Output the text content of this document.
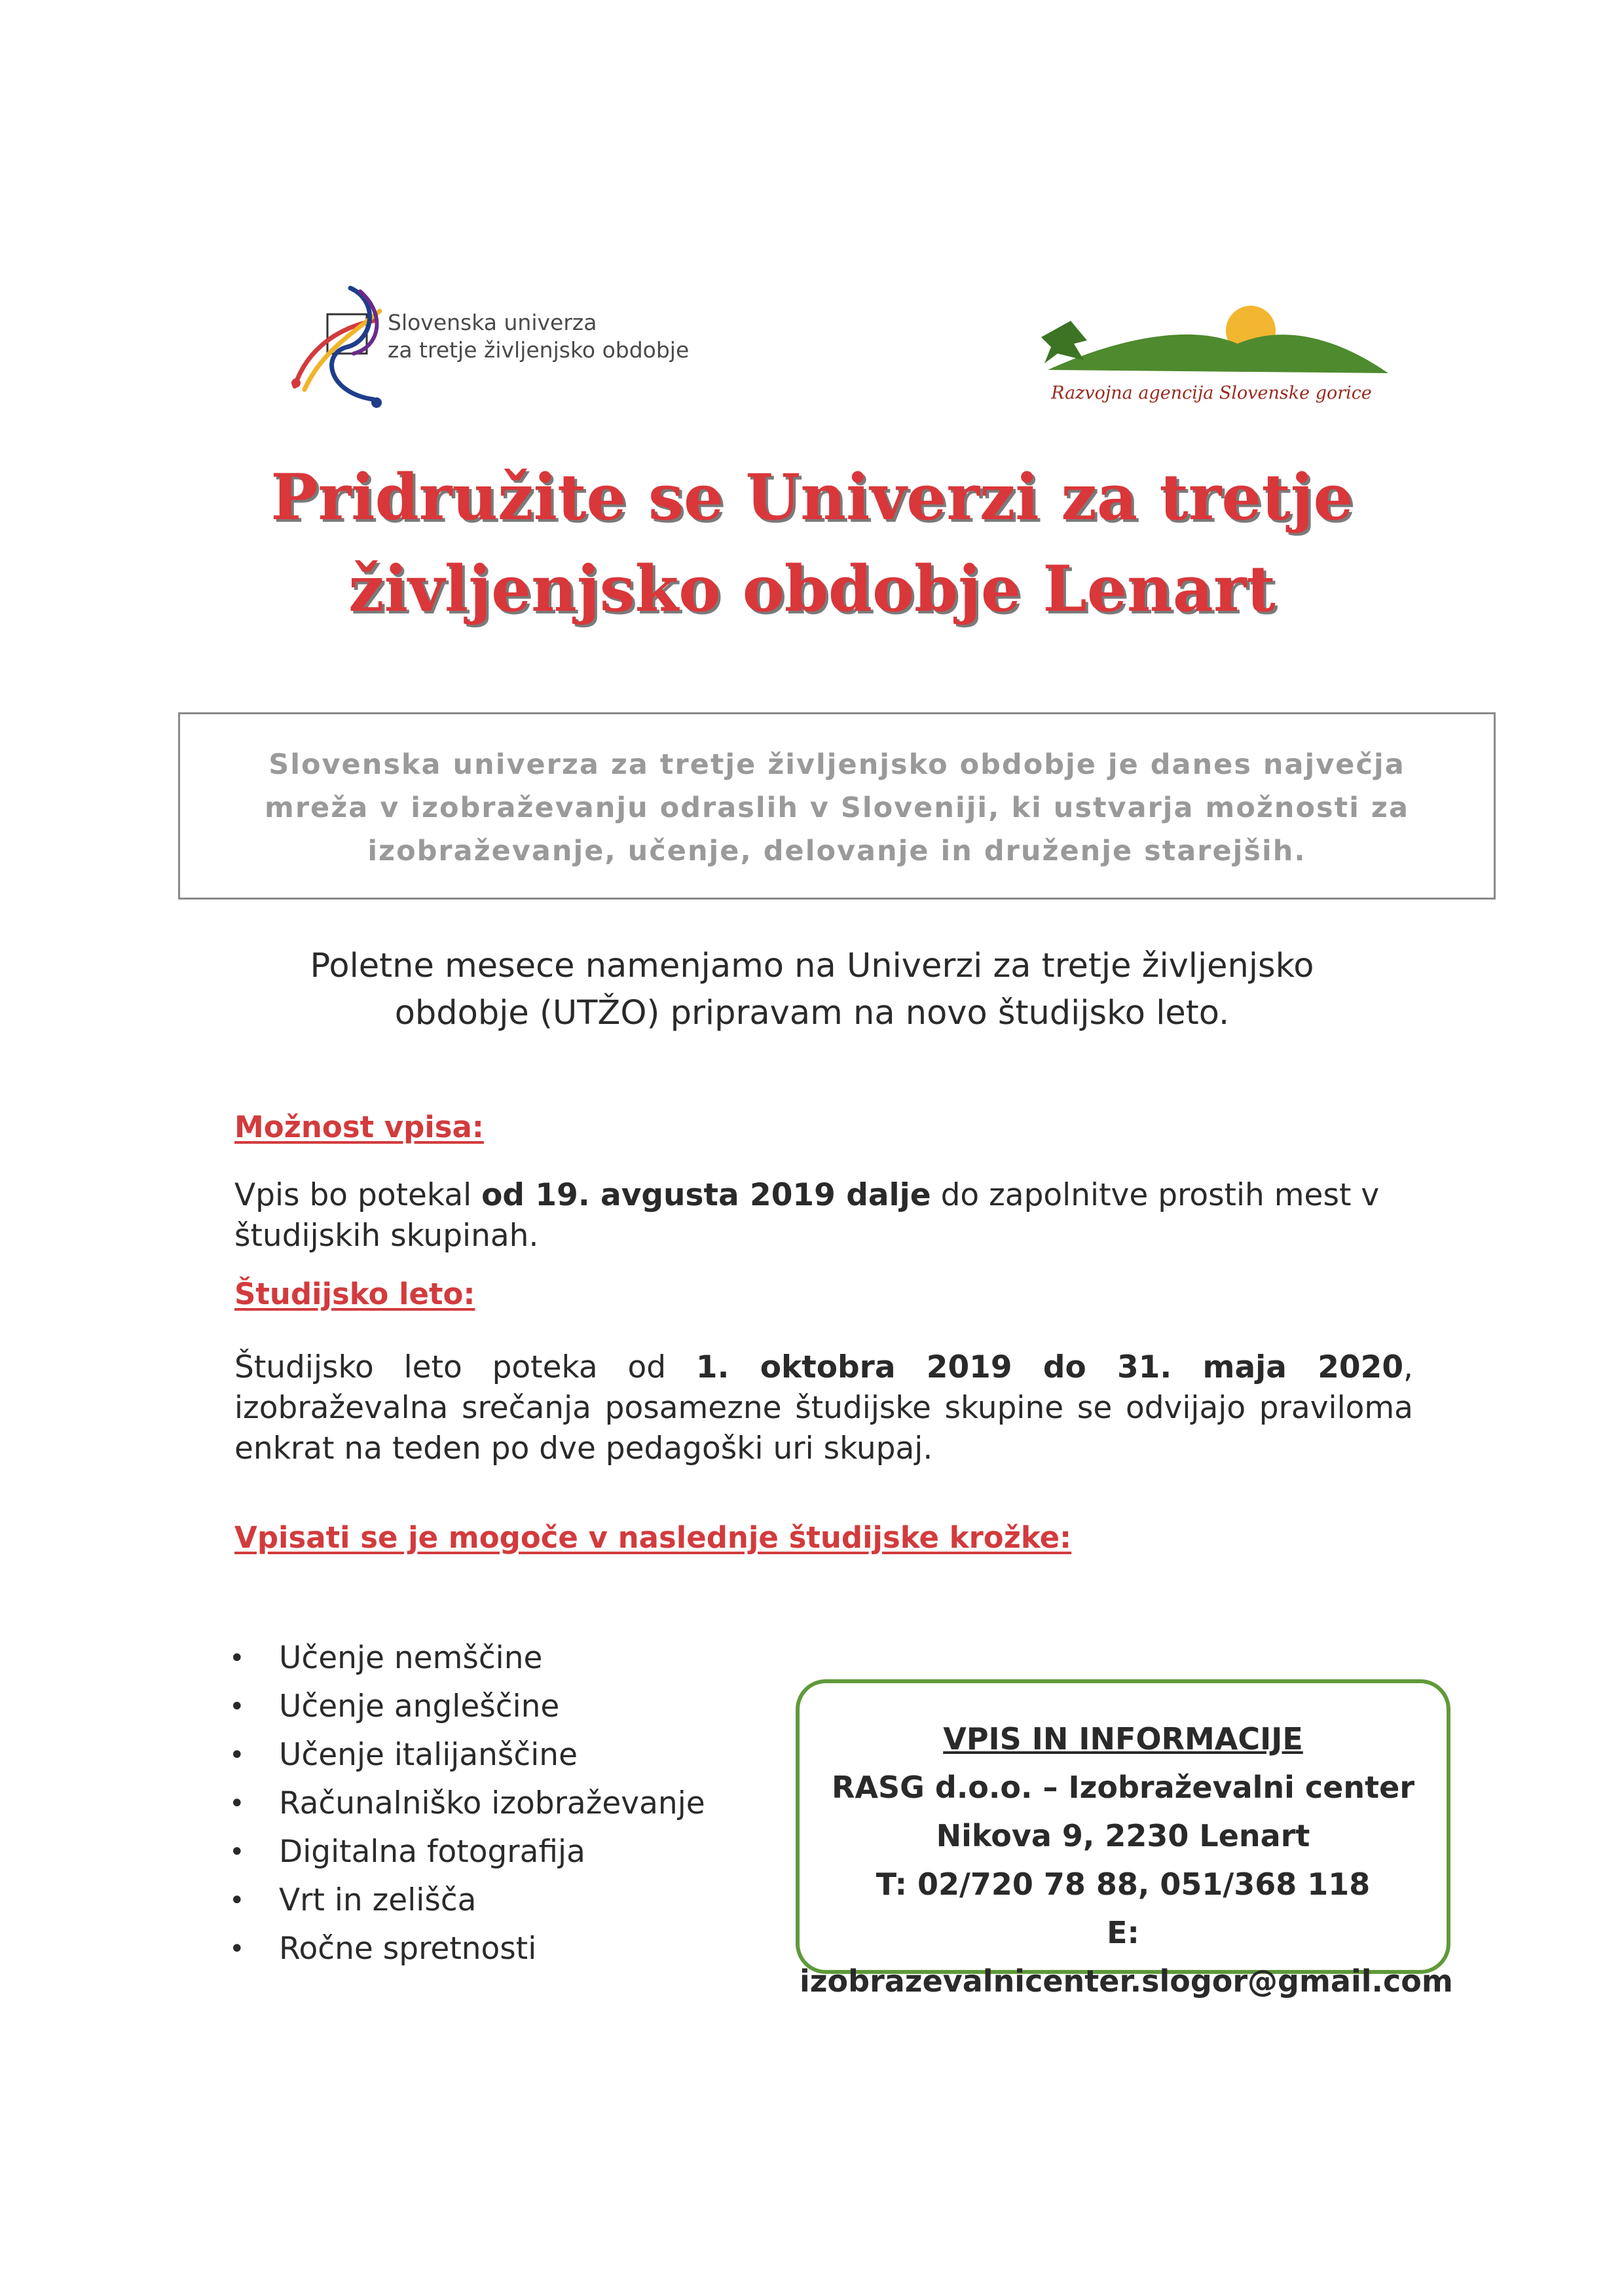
Slovenska univerza
za tretje življenjsko obdobje
Razvojna agencija Slovenske gorice
Pridružite se Univerzi za tretje
življenjsko obdobje Lenart
Slovenska univerza za tretje življenjsko obdobje je danes največja
mreža v izobraževanju odraslih v Sloveniji, ki ustvarja možnosti za
izobraževanje, učenje, delovanje in druženje starejših.
Poletne mesece namenjamo na Univerzi za tretje življenjsko
obdobje (UTŽO) pripravam na novo študijsko leto.
Možnost vpisa:
Vpis bo potekal od 19. avgusta 2019 dalje do zapolnitve prostih mest v študijskih skupinah.
Študijsko leto:
Študijsko leto poteka od 1. oktobra 2019 do 31. maja 2020, izobraževalna srečanja posamezne študijske skupine se odvijajo praviloma enkrat na teden po dve pedagoški uri skupaj.
Vpisati se je mogoče v naslednje študijske krožke:
• Učenje nemščine
• Učenje angleščine
• Učenje italijanščine
• Računalniško izobraževanje
• Digitalna fotografija
• Vrt in zelišča
• Ročne spretnosti
VPIS IN INFORMACIJE
RASG d.o.o. – Izobraževalni center
Nikova 9, 2230 Lenart
T: 02/720 78 88, 051/368 118
E: izobrazevalnicenter.slogor@gmail.com
